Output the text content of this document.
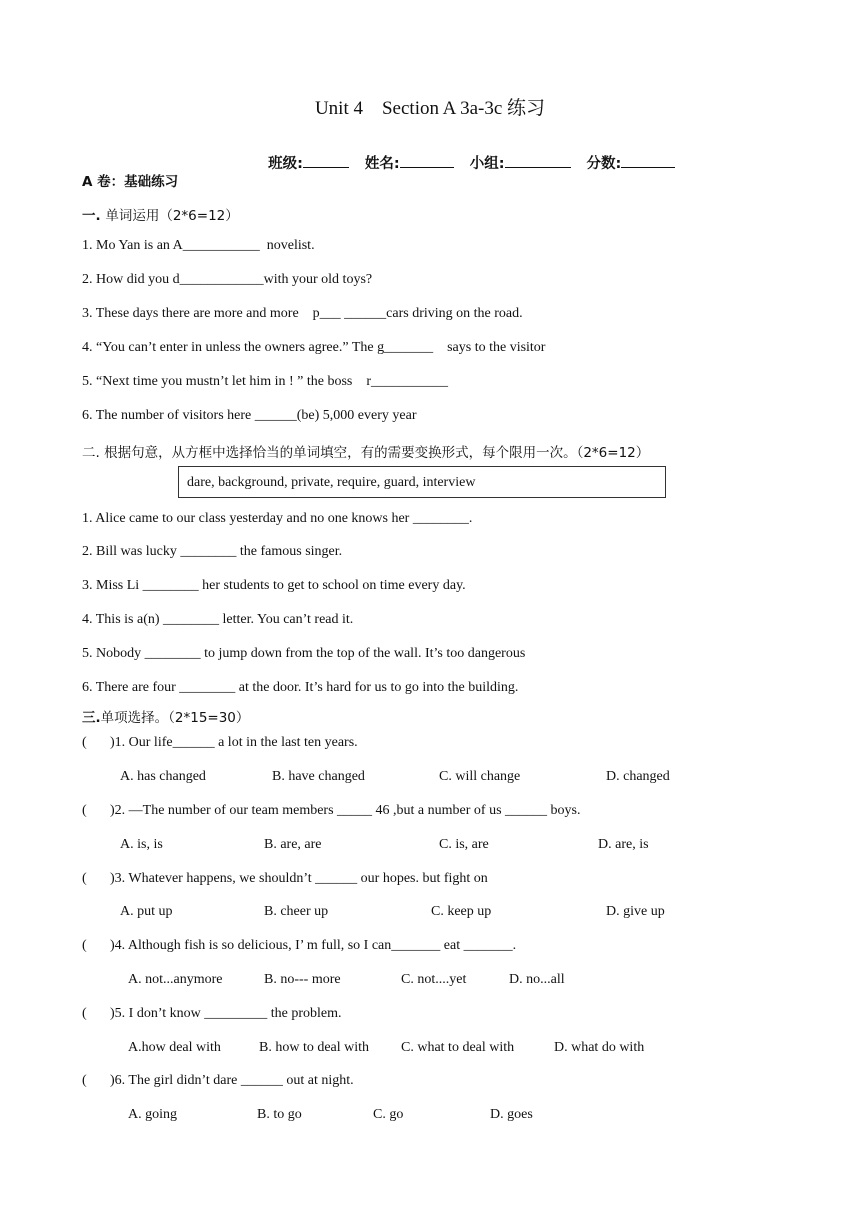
Unit 4    Section A 3a-3c 练习

班级:	姓名:	小组:	分数:

A 卷：基础练习
一. 单词运用（2*6=12）
1. Mo Yan is an A___________  novelist.
2. How did you d____________with your old toys?
3. These days there are more and more    p___ ______cars driving on the road.
4. “You can’t enter in unless the owners agree.” The g_______    says to the visitor
5. “Next time you mustn’t let him in ! ” the boss    r___________
6. The number of visitors here ______(be) 5,000 every year
二. 根据句意，从方框中选择恰当的单词填空，有的需要变换形式，每个限用一次。（2*6=12）
dare, background, private, require, guard, interview
1. Alice came to our class yesterday and no one knows her ________.
2. Bill was lucky ________ the famous singer.
3. Miss Li ________ her students to get to school on time every day.
4. This is a(n) ________ letter. You can’t read it.
5. Nobody ________ to jump down from the top of the wall. It’s too dangerous
6. There are four ________ at the door. It’s hard for us to go into the building.
三.单项选择。（2*15=30）
( )1. Our life______ a lot in the last ten years.
A. has changed	B. have changed	C. will change	D. changed
( )2. —The number of our team members _____ 46 ,but a number of us ______ boys.
A. is, is	B. are, are	C. is, are	D. are, is
( )3. Whatever happens, we shouldn’t ______ our hopes. but fight on
A. put up	B. cheer up	C. keep up	D. give up
( )4. Although fish is so delicious, I’ m full, so I can_______ eat _______.
A. not...anymore	B. no--- more	C. not....yet	D. no...all
( )5. I don’t know _________ the problem.
A.how deal with	B. how to deal with C. what to deal with	D. what do with
( )6. The girl didn’t dare ______ out at night.
A. going	B. to go	C. go	D. goes
